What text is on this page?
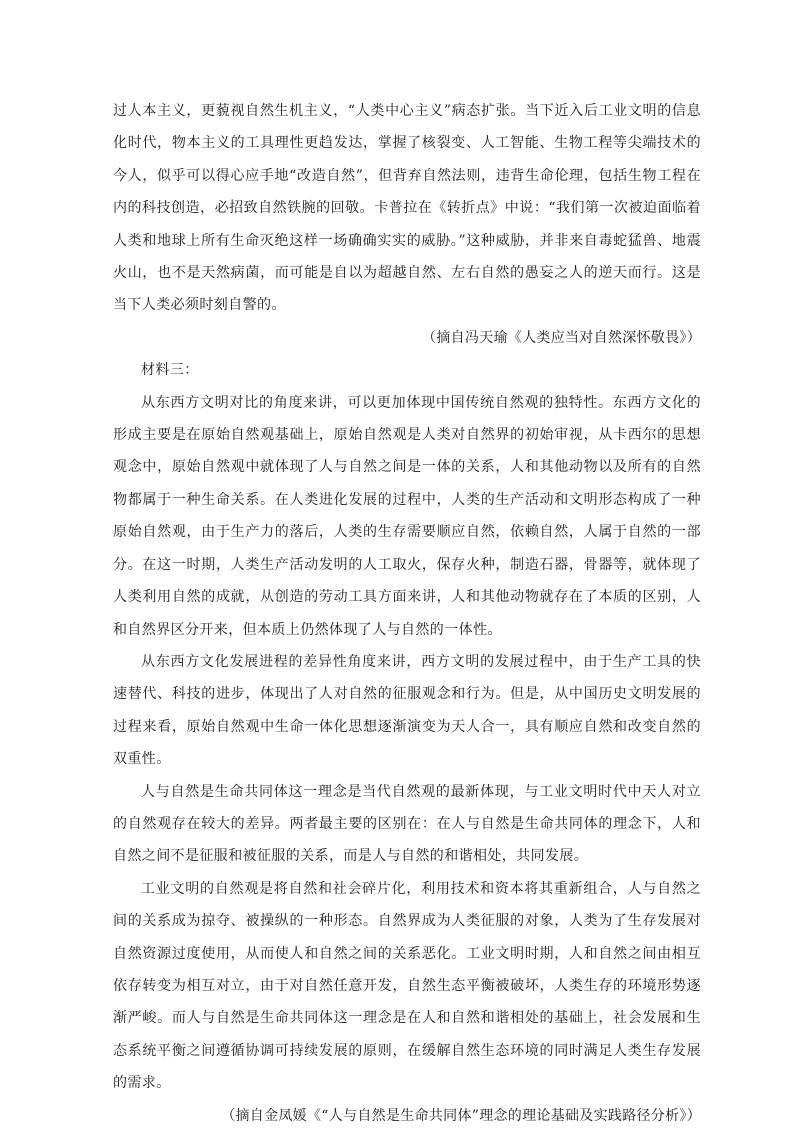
过人本主义，更藐视自然生机主义，“人类中心主义”病态扩张。当下近入后工业文明的信息化时代，物本主义的工具理性更趋发达，掌握了核裂变、人工智能、生物工程等尖端技术的今人，似乎可以得心应手地“改造自然”，但背弃自然法则，违背生命伦理，包括生物工程在内的科技创造，必招致自然铁腕的回敬。卡普拉在《转折点》中说：“我们第一次被迫面临着人类和地球上所有生命灭绝这样一场确确实实的威胁。”这种威胁，并非来自毒蛇猛兽、地震火山，也不是天然病菌，而可能是自以为超越自然、左右自然的愚妄之人的逆天而行。这是当下人类必须时刻自警的。

（摘自冯天瑜《人类应当对自然深怀敬畏》）

材料三：

从东西方文明对比的角度来讲，可以更加体现中国传统自然观的独特性。东西方文化的形成主要是在原始自然观基础上，原始自然观是人类对自然界的初始审视，从卡西尔的思想观念中，原始自然观中就体现了人与自然之间是一体的关系，人和其他动物以及所有的自然物都属于一种生命关系。在人类进化发展的过程中，人类的生产活动和文明形态构成了一种原始自然观，由于生产力的落后，人类的生存需要顺应自然，依赖自然，人属于自然的一部分。在这一时期，人类生产活动发明的人工取火，保存火种，制造石器，骨器等，就体现了人类利用自然的成就，从创造的劳动工具方面来讲，人和其他动物就存在了本质的区别，人和自然界区分开来，但本质上仍然体现了人与自然的一体性。

从东西方文化发展进程的差异性角度来讲，西方文明的发展过程中，由于生产工具的快速替代、科技的进步，体现出了人对自然的征服观念和行为。但是，从中国历史文明发展的过程来看，原始自然观中生命一体化思想逐渐演变为天人合一，具有顺应自然和改变自然的双重性。

人与自然是生命共同体这一理念是当代自然观的最新体现，与工业文明时代中天人对立的自然观存在较大的差异。两者最主要的区别在：在人与自然是生命共同体的理念下，人和自然之间不是征服和被征服的关系，而是人与自然的和谐相处，共同发展。

工业文明的自然观是将自然和社会碎片化，利用技术和资本将其重新组合，人与自然之间的关系成为掠夺、被操纵的一种形态。自然界成为人类征服的对象，人类为了生存发展对自然资源过度使用，从而使人和自然之间的关系恶化。工业文明时期，人和自然之间由相互依存转变为相互对立，由于对自然任意开发，自然生态平衡被破坏，人类生存的环境形势逐渐严峻。而人与自然是生命共同体这一理念是在人和自然和谐相处的基础上，社会发展和生态系统平衡之间遵循协调可持续发展的原则，在缓解自然生态环境的同时满足人类生存发展的需求。

（摘自金凤媛《“人与自然是生命共同体”理念的理论基础及实践路径分析》）
